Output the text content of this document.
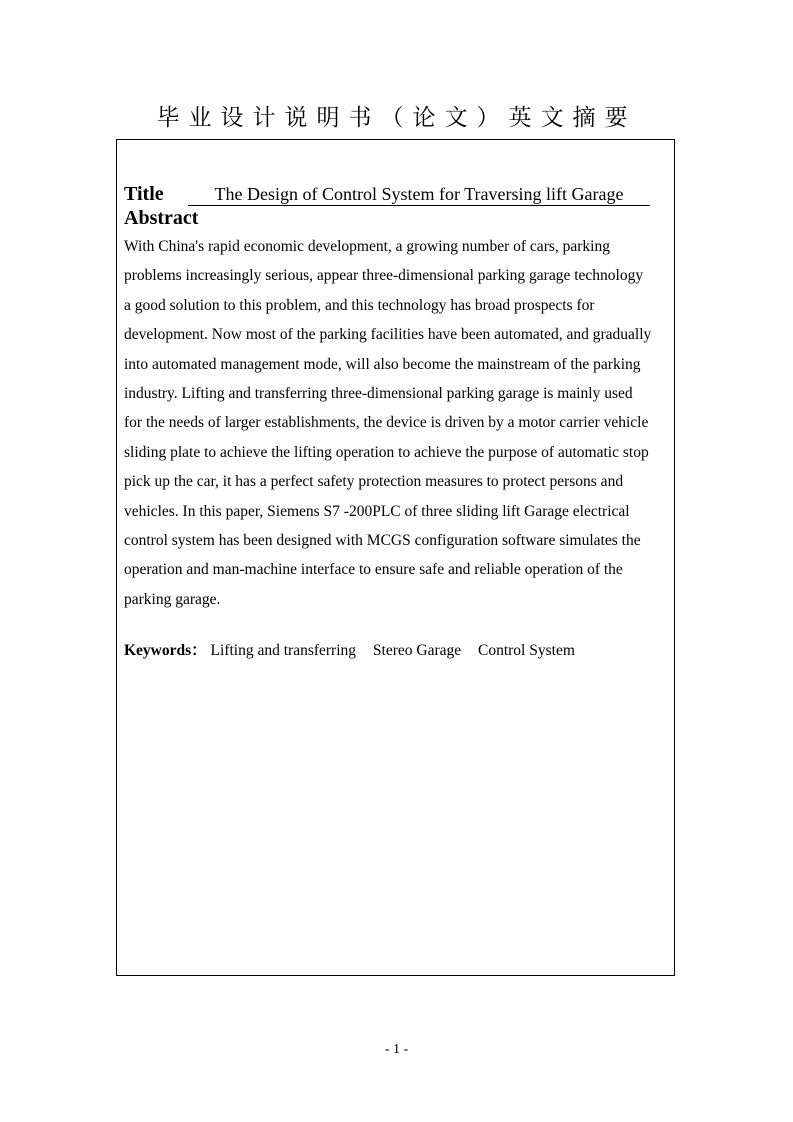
毕业设计说明书（论文）英文摘要
Title	The Design of Control System for Traversing lift Garage
Abstract

With China's rapid economic development, a growing number of cars, parking
problems increasingly serious, appear three-dimensional parking garage technology
a good solution to this problem, and this technology has broad prospects for
development. Now most of the parking facilities have been automated, and gradually
into automated management mode, will also become the mainstream of the parking
industry. Lifting and transferring three-dimensional parking garage is mainly used
for the needs of larger establishments, the device is driven by a motor carrier vehicle
sliding plate to achieve the lifting operation to achieve the purpose of automatic stop
pick up the car, it has a perfect safety protection measures to protect persons and
vehicles. In this paper, Siemens S7 -200PLC of three sliding lift Garage electrical
control system has been designed with MCGS configuration software simulates the
operation and man-machine interface to ensure safe and reliable operation of the
parking garage.

Keywords： Lifting and transferring Stereo Garage Control System
- 1 -
